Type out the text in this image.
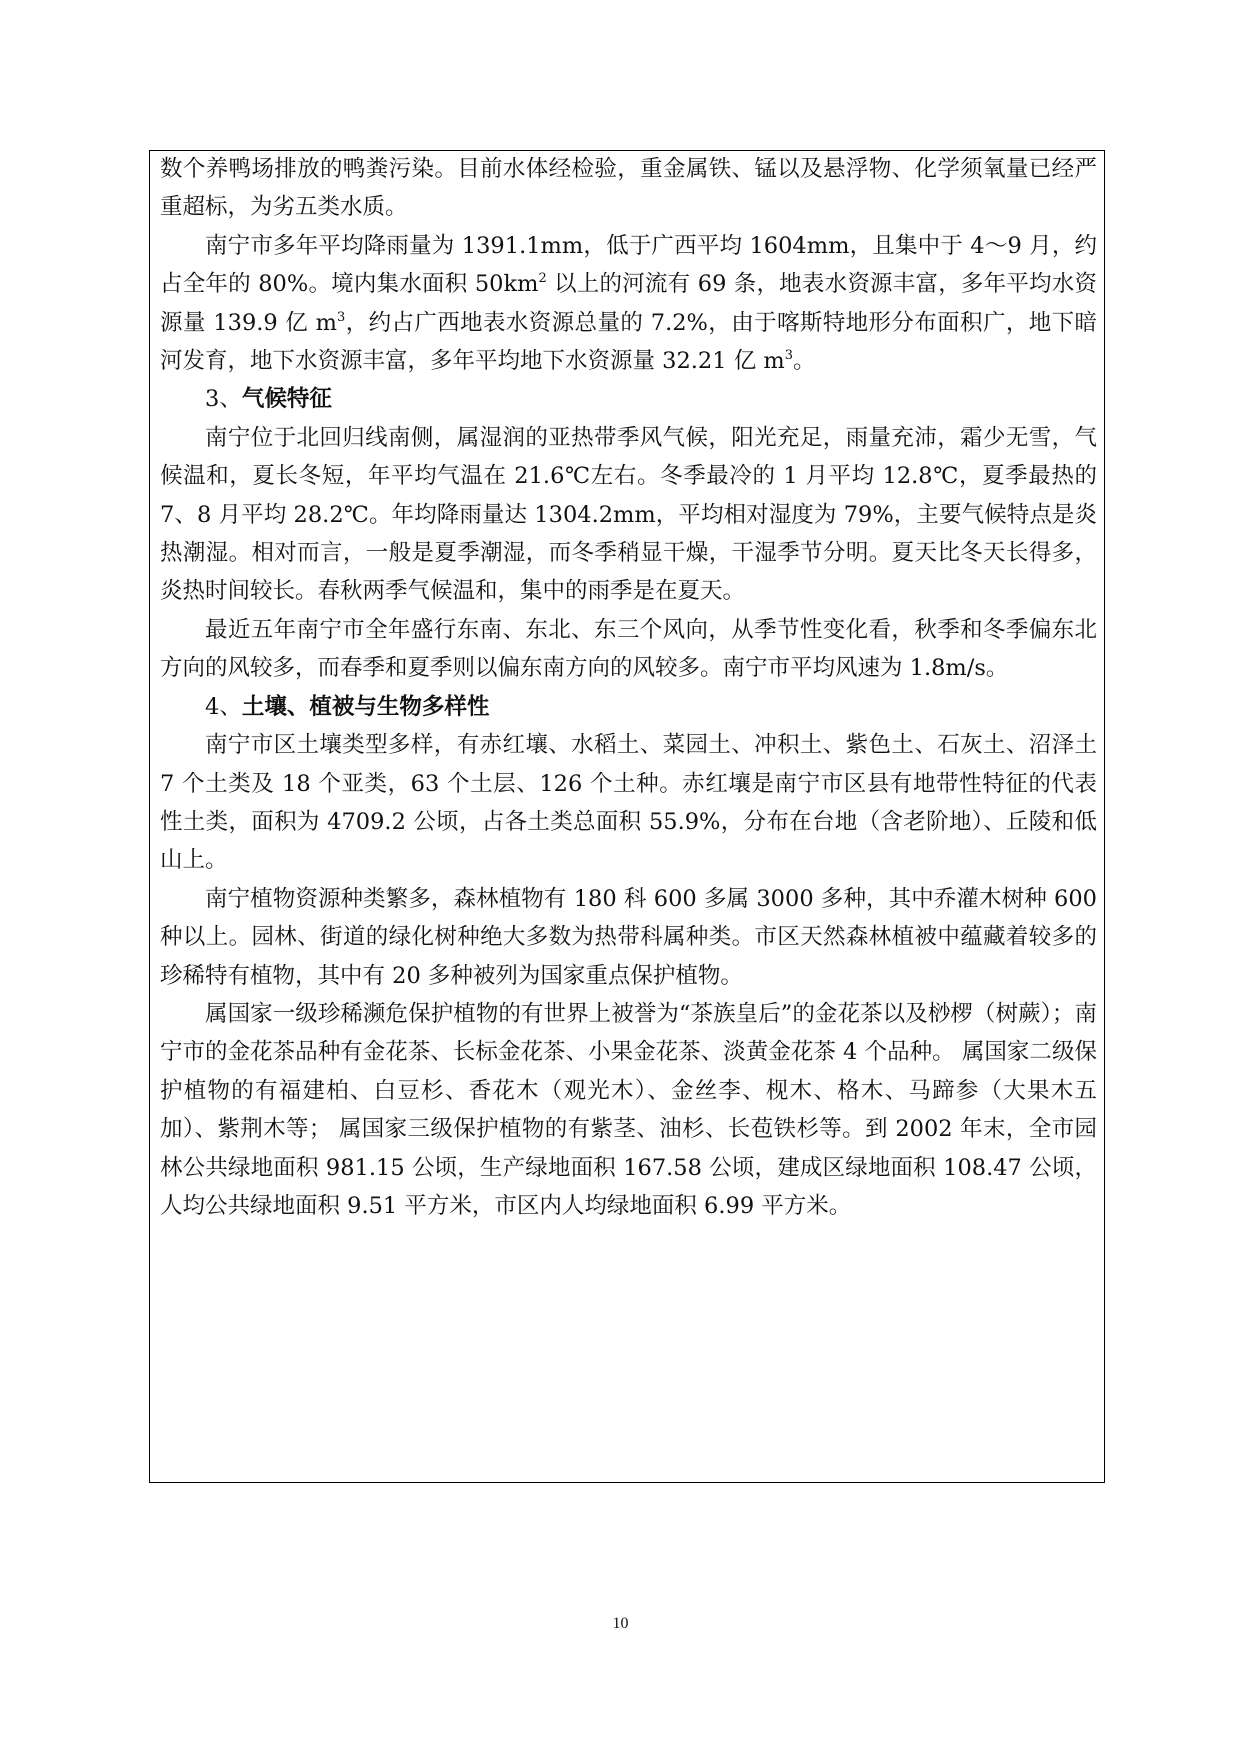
数个养鸭场排放的鸭粪污染。目前水体经检验，重金属铁、锰以及悬浮物、化学须氧量已经严重超标，为劣五类水质。

南宁市多年平均降雨量为 1391.1mm，低于广西平均 1604mm，且集中于 4～9 月，约占全年的 80%。境内集水面积 $50km^2$ 以上的河流有 69 条，地表水资源丰富，多年平均水资源量 139.9 亿 $m^3$，约占广西地表水资源总量的 7.2%，由于喀斯特地形分布面积广，地下暗河发育，地下水资源丰富，多年平均地下水资源量 32.21 亿 $m^3$。

3、气候特征

南宁位于北回归线南侧，属湿润的亚热带季风气候，阳光充足，雨量充沛，霜少无雪，气候温和，夏长冬短，年平均气温在 21.6℃左右。冬季最冷的 1 月平均 12.8℃，夏季最热的 7、8 月平均 28.2℃。年均降雨量达 1304.2mm，平均相对湿度为 79%，主要气候特点是炎热潮湿。相对而言，一般是夏季潮湿，而冬季稍显干燥，干湿季节分明。夏天比冬天长得多，炎热时间较长。春秋两季气候温和，集中的雨季是在夏天。

最近五年南宁市全年盛行东南、东北、东三个风向，从季节性变化看，秋季和冬季偏东北方向的风较多，而春季和夏季则以偏东南方向的风较多。南宁市平均风速为 1.8m/s。

4、土壤、植被与生物多样性

南宁市区土壤类型多样，有赤红壤、水稻土、菜园土、冲积土、紫色土、石灰土、沼泽土 7 个土类及 18 个亚类，63 个土层、126 个土种。赤红壤是南宁市区县有地带性特征的代表性土类，面积为 4709.2 公顷，占各土类总面积 55.9%，分布在台地（含老阶地）、丘陵和低山上。

南宁植物资源种类繁多，森林植物有 180 科 600 多属 3000 多种，其中乔灌木树种 600 种以上。园林、街道的绿化树种绝大多数为热带科属种类。市区天然森林植被中蕴藏着较多的珍稀特有植物，其中有 20 多种被列为国家重点保护植物。

属国家一级珍稀濒危保护植物的有世界上被誉为“茶族皇后”的金花茶以及桫椤（树蕨）；南宁市的金花茶品种有金花茶、长标金花茶、小果金花茶、淡黄金花茶 4 个品种。 属国家二级保护植物的有福建柏、白豆杉、香花木（观光木）、金丝李、枧木、格木、马蹄参（大果木五加）、紫荆木等； 属国家三级保护植物的有紫茎、油杉、长苞铁杉等。到 2002 年末，全市园林公共绿地面积 981.15 公顷，生产绿地面积 167.58 公顷，建成区绿地面积 108.47 公顷，人均公共绿地面积 9.51 平方米，市区内人均绿地面积 6.99 平方米。

10
